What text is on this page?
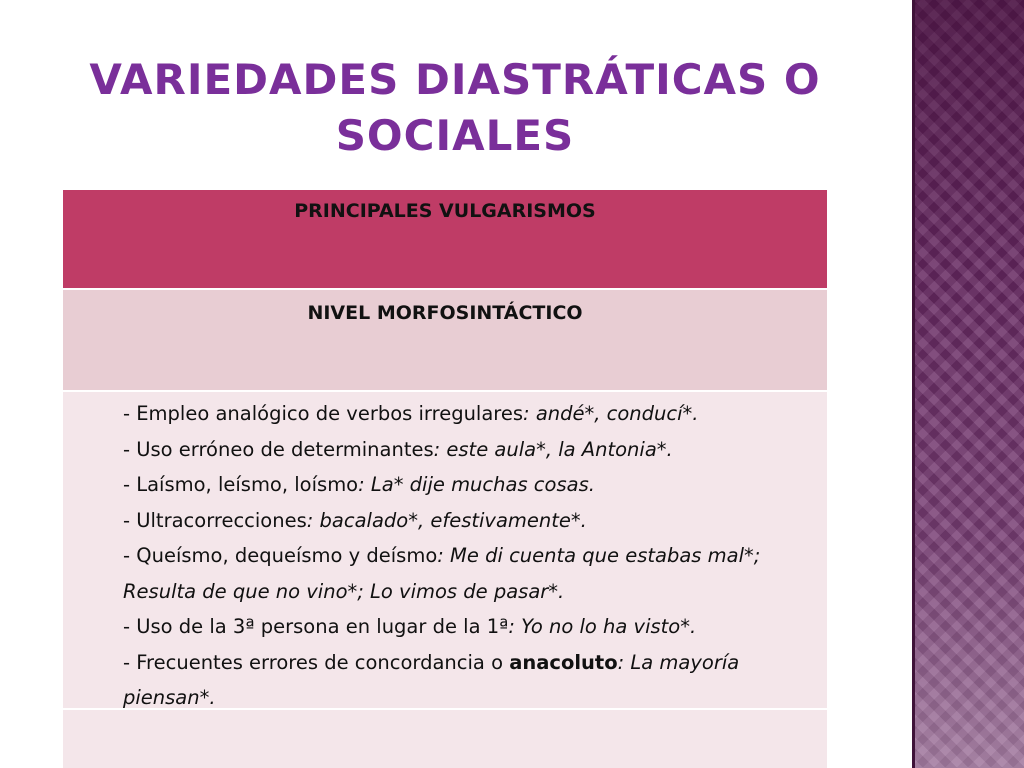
VARIEDADES DIASTRÁTICAS O SOCIALES
PRINCIPALES VULGARISMOS
NIVEL MORFOSINTÁCTICO
- Empleo analógico de verbos irregulares: andé*, conducí*.
- Uso erróneo de determinantes: este aula*, la Antonia*.
- Laísmo, leísmo, loísmo: La* dije muchas cosas.
- Ultracorrecciones: bacalado*, efestivamente*.
- Queísmo, dequeísmo y deísmo: Me di cuenta que estabas mal*;
Resulta de que no vino*; Lo vimos de pasar*.
- Uso de la 3ª persona en lugar de la 1ª: Yo no lo ha visto*.
- Frecuentes errores de concordancia o anacoluto: La mayoría
piensan*.
